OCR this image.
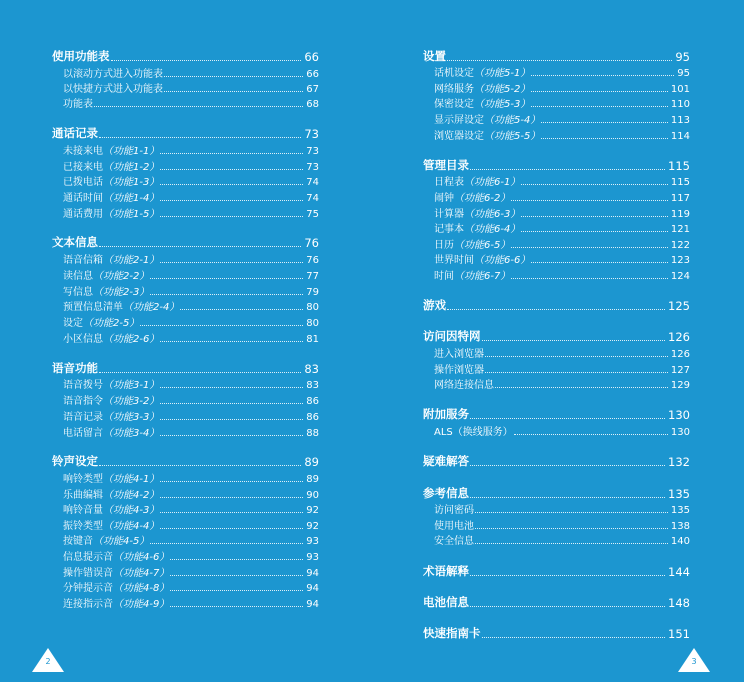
使用功能表	66
以滚动方式进入功能表	66
以快捷方式进入功能表	67
功能表	68
通话记录	73
未接来电（功能1-1）	73
已接来电（功能1-2）	73
已拨电话（功能1-3）	74
通话时间（功能1-4）	74
通话费用（功能1-5）	75
文本信息	76
语音信箱（功能2-1）	76
读信息（功能2-2）	77
写信息（功能2-3）	79
预置信息清单（功能2-4）	80
设定（功能2-5）	80
小区信息（功能2-6）	81
语音功能	83
语音拨号（功能3-1）	83
语音指令（功能3-2）	86
语音记录（功能3-3）	86
电话留言（功能3-4）	88
铃声设定	89
响铃类型（功能4-1）	89
乐曲编辑（功能4-2）	90
响铃音量（功能4-3）	92
振铃类型（功能4-4）	92
按键音（功能4-5）	93
信息提示音（功能4-6）	93
操作错误音（功能4-7）	94
分钟提示音（功能4-8）	94
连接指示音（功能4-9）	94
设置	95
话机设定（功能5-1）	95
网络服务（功能5-2）	101
保密设定（功能5-3）	110
显示屏设定（功能5-4）	113
浏览器设定（功能5-5）	114
管理目录	115
日程表（功能6-1）	115
闹钟（功能6-2）	117
计算器（功能6-3）	119
记事本（功能6-4）	121
日历（功能6-5）	122
世界时间（功能6-6）	123
时间（功能6-7）	124
游戏	125
访问因特网	126
进入浏览器	126
操作浏览器	127
网络连接信息	129
附加服务	130
ALS（换线服务）	130
疑难解答	132
参考信息	135
访问密码	135
使用电池	138
安全信息	140
术语解释	144
电池信息	148
快速指南卡	151
2	3
